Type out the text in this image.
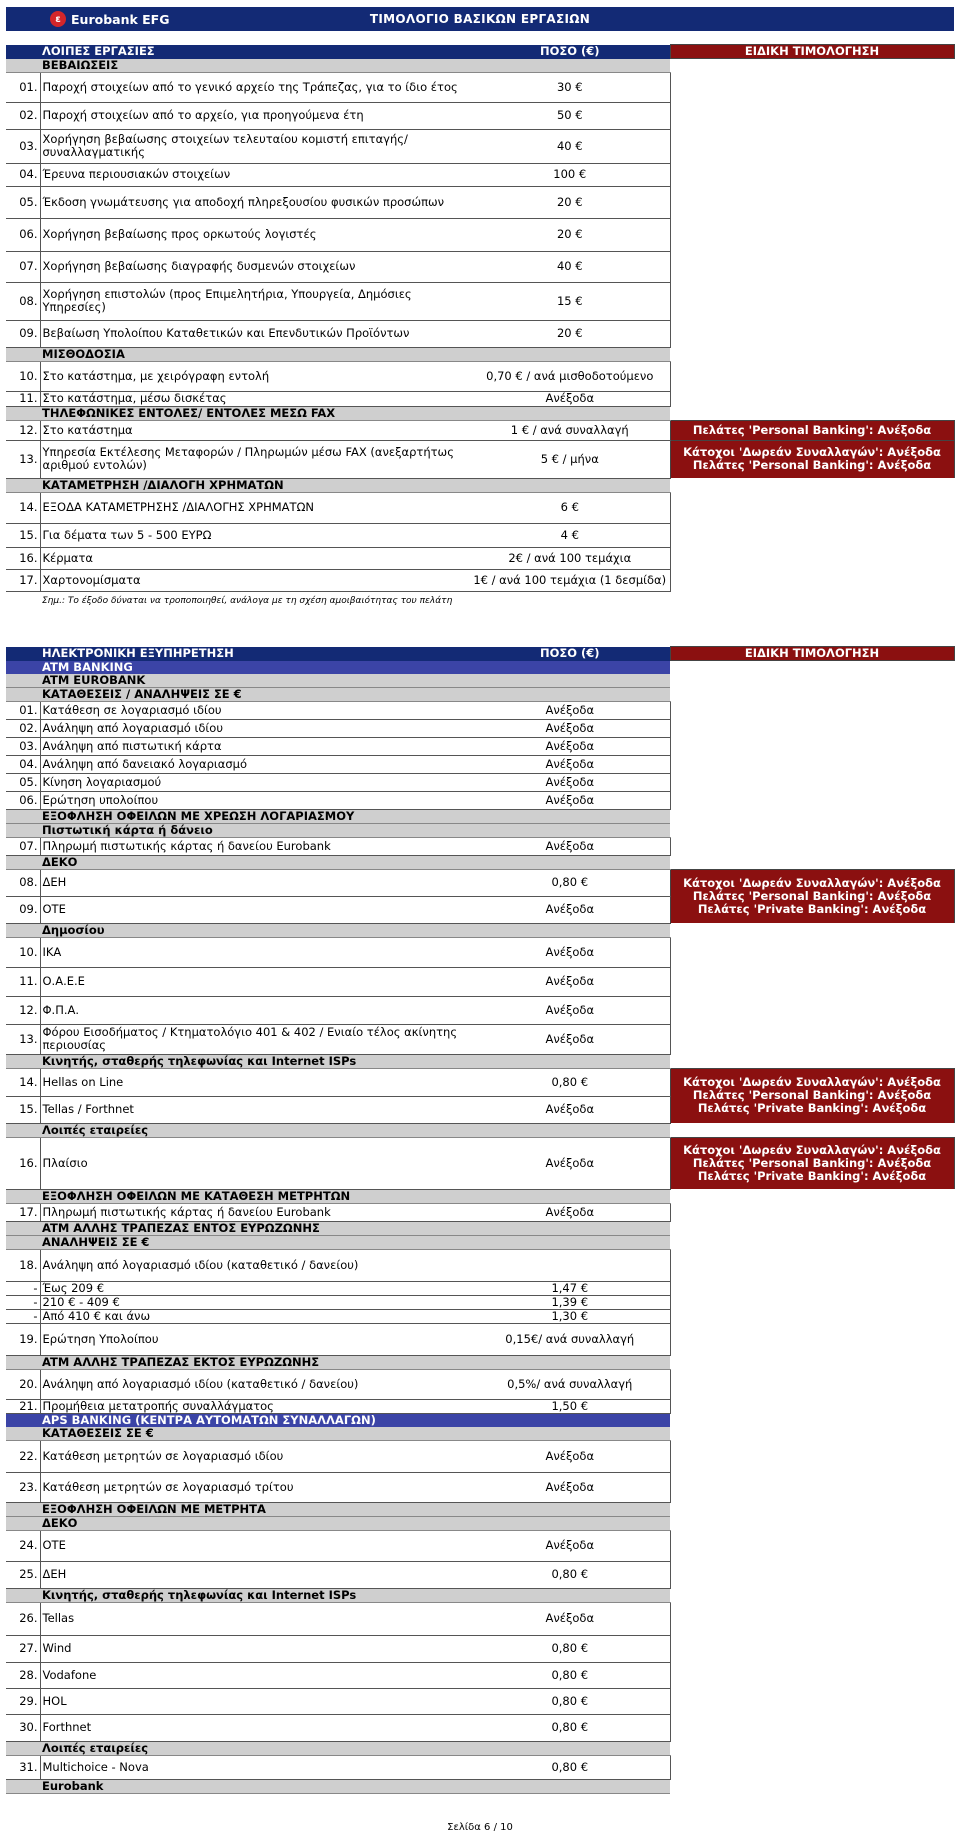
ε Eurobank EFG	ΤΙΜΟΛΟΓΙΟ ΒΑΣΙΚΩΝ ΕΡΓΑΣΙΩΝ
ΛΟΙΠΕΣ ΕΡΓΑΣΙΕΣ		ΠΟΣΟ (€)	ΕΙΔΙΚΗ ΤΙΜΟΛΟΓΗΣΗ
ΒΕΒΑΙΩΣΕΙΣ			
01.	Παροχή στοιχείων από το γενικό αρχείο της Τράπεζας, για το ίδιο έτος	30 €	
02.	Παροχή στοιχείων από το αρχείο, για προηγούμενα έτη	50 €	
03.	Χορήγηση βεβαίωσης στοιχείων τελευταίου κομιστή επιταγής/ συναλλαγματικής	40 €	
04.	Έρευνα περιουσιακών στοιχείων	100 €	
05.	Έκδοση γνωμάτευσης για αποδοχή πληρεξουσίου φυσικών προσώπων	20 €	
06.	Χορήγηση βεβαίωσης προς ορκωτούς λογιστές	20 €	
07.	Χορήγηση βεβαίωσης διαγραφής δυσμενών στοιχείων	40 €	
08.	Χορήγηση επιστολών (προς Επιμελητήρια, Υπουργεία, Δημόσιες Υπηρεσίες)	15 €	
09.	Βεβαίωση Υπολοίπου Καταθετικών και Επενδυτικών Προϊόντων	20 €	
ΜΙΣΘΟΔΟΣΙΑ			
10.	Στο κατάστημα, με χειρόγραφη εντολή	0,70 € / ανά μισθοδοτούμενο	
11.	Στο κατάστημα, μέσω δισκέτας	Ανέξοδα	
ΤΗΛΕΦΩΝΙΚΕΣ ΕΝΤΟΛΕΣ/ ΕΝΤΟΛΕΣ ΜΕΣΩ FAX			
12.	Στο κατάστημα	1 € / ανά συναλλαγή	Πελάτες 'Personal Banking': Ανέξοδα
13.	Υπηρεσία Εκτέλεσης Μεταφορών / Πληρωμών μέσω FAX (ανεξαρτήτως αριθμού εντολών)	5 € / μήνα	Κάτοχοι 'Δωρεάν Συναλλαγών': Ανέξοδα
Πελάτες 'Personal Banking': Ανέξοδα

ΚΑΤΑΜΕΤΡΗΣΗ /ΔΙΑΛΟΓΗ ΧΡΗΜΑΤΩΝ			
14.	ΕΞΟΔΑ ΚΑΤΑΜΕΤΡΗΣΗΣ /ΔΙΑΛΟΓΗΣ ΧΡΗΜΑΤΩΝ	6 €	
15.	Για δέματα των 5 - 500 ΕΥΡΩ	4 €	
16.	Κέρματα	2€ / ανά 100 τεμάχια	
17.	Χαρτονομίσματα	1€ / ανά 100 τεμάχια (1 δεσμίδα)	
	Σημ.: Το έξοδο δύναται να τροποποιηθεί, ανάλογα με τη σχέση αμοιβαιότητας του πελάτη		
ΗΛΕΚΤΡΟΝΙΚΗ ΕΞΥΠΗΡΕΤΗΣΗ		ΠΟΣΟ (€)	ΕΙΔΙΚΗ ΤΙΜΟΛΟΓΗΣΗ
ATM BANKING			
ATM EUROBANK			
ΚΑΤΑΘΕΣΕΙΣ / ΑΝΑΛΗΨΕΙΣ ΣΕ €			
01.	Κατάθεση σε λογαριασμό ιδίου	Ανέξοδα	
02.	Ανάληψη από λογαριασμό ιδίου	Ανέξοδα	
03.	Ανάληψη από πιστωτική κάρτα	Ανέξοδα	
04.	Ανάληψη από δανειακό λογαριασμό	Ανέξοδα	
05.	Κίνηση λογαριασμού	Ανέξοδα	
06.	Ερώτηση υπολοίπου	Ανέξοδα	
ΕΞΟΦΛΗΣΗ ΟΦΕΙΛΩΝ ΜΕ ΧΡΕΩΣΗ ΛΟΓΑΡΙΑΣΜΟΥ			
Πιστωτική κάρτα ή δάνειο			
07.	Πληρωμή πιστωτικής κάρτας ή δανείου Eurobank	Ανέξοδα	
ΔΕΚΟ			
08.	ΔΕΗ	0,80 €	Κάτοχοι 'Δωρεάν Συναλλαγών': Ανέξοδα
Πελάτες 'Personal Banking': Ανέξοδα
Πελάτες 'Private Banking': Ανέξοδα

09.	ΟΤΕ	Ανέξοδα	
Δημοσίου			
10.	ΙΚΑ	Ανέξοδα	
11.	Ο.Α.Ε.Ε	Ανέξοδα	
12.	Φ.Π.Α.	Ανέξοδα	
13.	Φόρου Εισοδήματος / Κτηματολόγιο 401 & 402 / Ενιαίο τέλος ακίνητης περιουσίας	Ανέξοδα	
Κινητής, σταθερής τηλεφωνίας και Internet ISPs			
14.	Hellas on Line	0,80 €	Κάτοχοι 'Δωρεάν Συναλλαγών': Ανέξοδα
Πελάτες 'Personal Banking': Ανέξοδα
Πελάτες 'Private Banking': Ανέξοδα

15.	Tellas / Forthnet	Ανέξοδα	
Λοιπές εταιρείες			
16.	Πλαίσιο	Ανέξοδα	Κάτοχοι 'Δωρεάν Συναλλαγών': Ανέξοδα
Πελάτες 'Personal Banking': Ανέξοδα
Πελάτες 'Private Banking': Ανέξοδα

ΕΞΟΦΛΗΣΗ ΟΦΕΙΛΩΝ ΜΕ ΚΑΤΑΘΕΣΗ ΜΕΤΡΗΤΩΝ			
17.	Πληρωμή πιστωτικής κάρτας ή δανείου Eurobank	Ανέξοδα	
ATM ΑΛΛΗΣ ΤΡΑΠΕΖΑΣ ΕΝΤΟΣ ΕΥΡΩΖΩΝΗΣ			
ΑΝΑΛΗΨΕΙΣ ΣΕ €			
18.	Ανάληψη από λογαριασμό ιδίου (καταθετικό / δανείου)		
-	Έως 209 €	1,47 €	
-	210 € - 409 €	1,39 €	
-	Από 410 € και άνω	1,30 €	
19.	Ερώτηση Υπολοίπου	0,15€/ ανά συναλλαγή	
ATM ΑΛΛΗΣ ΤΡΑΠΕΖΑΣ ΕΚΤΟΣ ΕΥΡΩΖΩΝΗΣ			
20.	Ανάληψη από λογαριασμό ιδίου (καταθετικό / δανείου)	0,5%/ ανά συναλλαγή	
21.	Προμήθεια μετατροπής συναλλάγματος	1,50 €	
APS BANKING (ΚΕΝΤΡΑ ΑΥΤΟΜΑΤΩΝ ΣΥΝΑΛΛΑΓΩΝ)			
ΚΑΤΑΘΕΣΕΙΣ ΣΕ €			
22.	Κατάθεση μετρητών σε λογαριασμό ιδίου	Ανέξοδα	
23.	Κατάθεση μετρητών σε λογαριασμό τρίτου	Ανέξοδα	
ΕΞΟΦΛΗΣΗ ΟΦΕΙΛΩΝ ΜΕ ΜΕΤΡΗΤΑ			
ΔΕΚΟ			
24.	ΟΤΕ	Ανέξοδα	
25.	ΔΕΗ	0,80 €	
Κινητής, σταθερής τηλεφωνίας και Internet ISPs			
26.	Tellas	Ανέξοδα	
27.	Wind	0,80 €	
28.	Vodafone	0,80 €	
29.	HOL	0,80 €	
30.	Forthnet	0,80 €	
Λοιπές εταιρείες			
31.	Multichoice - Nova	0,80 €	
Eurobank			
Σελίδα 6 / 10
